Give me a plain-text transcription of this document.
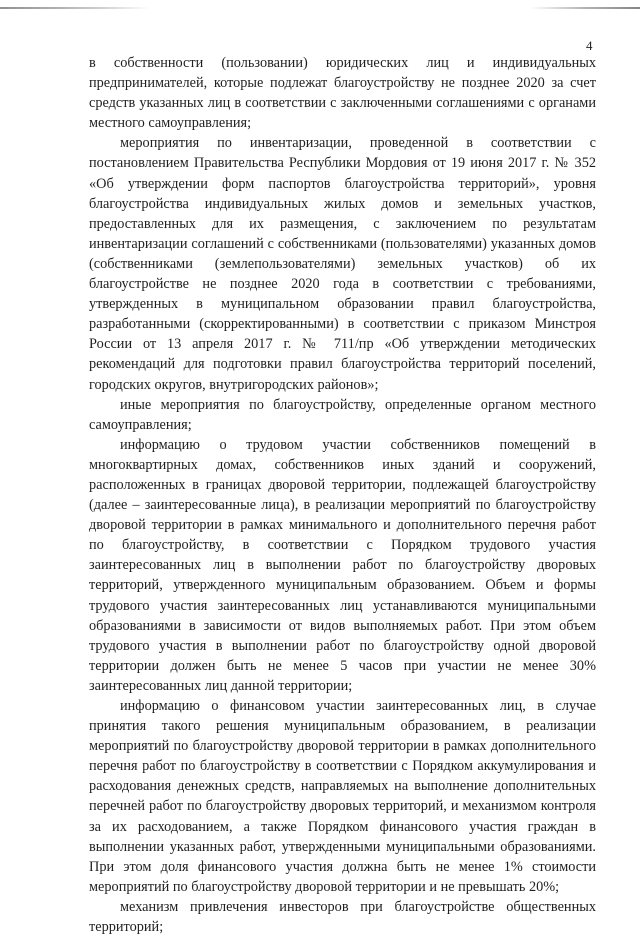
4

в собственности (пользовании) юридических лиц и индивидуальных предпринимателей, которые подлежат благоустройству не позднее 2020 за счет средств указанных лиц в соответствии с заключенными соглашениями с органами местного самоуправления;

мероприятия по инвентаризации, проведенной в соответствии с постановлением Правительства Республики Мордовия от 19 июня 2017 г. № 352 «Об утверждении форм паспортов благоустройства территорий», уровня благоустройства индивидуальных жилых домов и земельных участков, предоставленных для их размещения, с заключением по результатам инвентаризации соглашений с собственниками (пользователями) указанных домов (собственниками (землепользователями) земельных участков) об их благоустройстве не позднее 2020 года в соответствии с требованиями, утвержденных в муниципальном образовании правил благоустройства, разработанными (скорректированными) в соответствии с приказом Минстроя России от 13 апреля 2017 г. № 711/пр «Об утверждении методических рекомендаций для подготовки правил благоустройства территорий поселений, городских округов, внутригородских районов»;

иные мероприятия по благоустройству, определенные органом местного самоуправления;

информацию о трудовом участии собственников помещений в многоквартирных домах, собственников иных зданий и сооружений, расположенных в границах дворовой территории, подлежащей благоустройству (далее – заинтересованные лица), в реализации мероприятий по благоустройству дворовой территории в рамках минимального и дополнительного перечня работ по благоустройству, в соответствии с Порядком трудового участия заинтересованных лиц в выполнении работ по благоустройству дворовых территорий, утвержденного муниципальным образованием. Объем и формы трудового участия заинтересованных лиц устанавливаются муниципальными образованиями в зависимости от видов выполняемых работ. При этом объем трудового участия в выполнении работ по благоустройству одной дворовой территории должен быть не менее 5 часов при участии не менее 30% заинтересованных лиц данной территории;

информацию о финансовом участии заинтересованных лиц, в случае принятия такого решения муниципальным образованием, в реализации мероприятий по благоустройству дворовой территории в рамках дополнительного перечня работ по благоустройству в соответствии с Порядком аккумулирования и расходования денежных средств, направляемых на выполнение дополнительных перечней работ по благоустройству дворовых территорий, и механизмом контроля за их расходованием, а также Порядком финансового участия граждан в выполнении указанных работ, утвержденными муниципальными образованиями. При этом доля финансового участия должна быть не менее 1% стоимости мероприятий по благоустройству дворовой территории и не превышать 20%;

механизм привлечения инвесторов при благоустройстве общественных территорий;
